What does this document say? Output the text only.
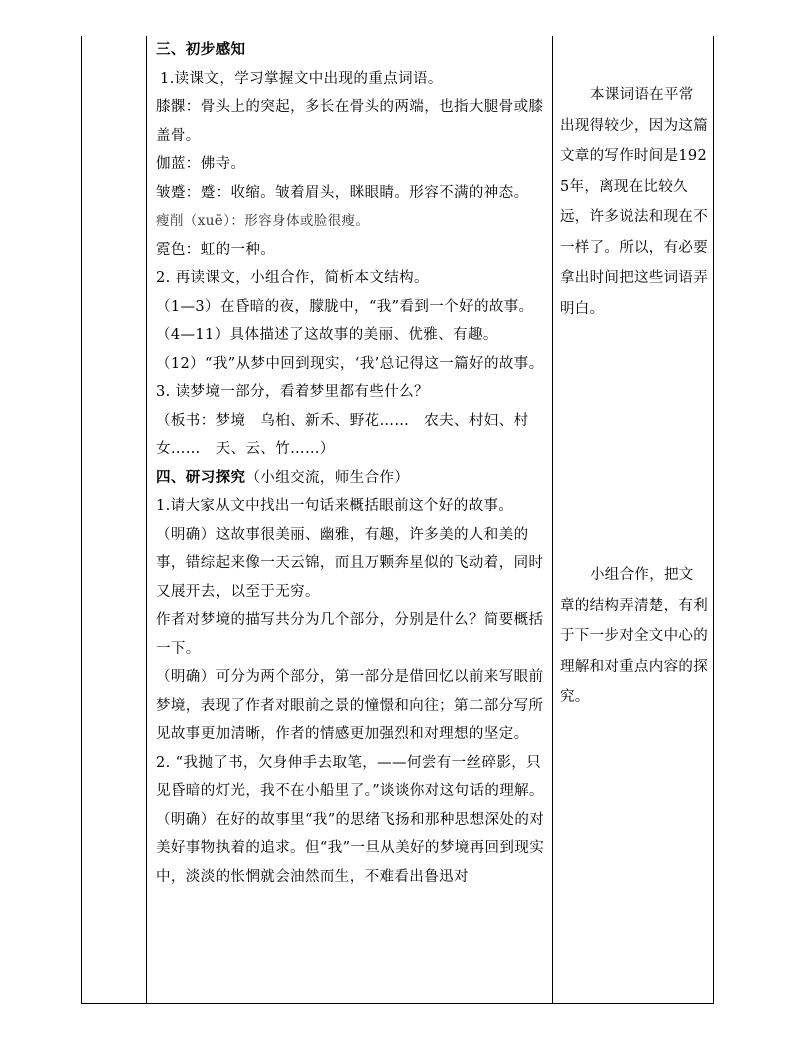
三、初步感知

1.读课文，学习掌握文中出现的重点词语。

膝髁：骨头上的突起，多长在骨头的两端，也指大腿骨或膝盖骨。

伽蓝：佛寺。

皱蹙：蹙：收缩。皱着眉头，眯眼睛。形容不满的神态。

瘦削（xuē）：形容身体或脸很瘦。

霓色：虹的一种。

2. 再读课文，小组合作，简析本文结构。

（1—3）在昏暗的夜，朦胧中，“我”看到一个好的故事。

（4—11）具体描述了这故事的美丽、优雅、有趣。

（12）“我”从梦中回到现实，‘我’总记得这一篇好的故事。

3. 读梦境一部分，看着梦里都有些什么？

（板书：梦境　乌桕、新禾、野花……　农夫、村妇、村女……　天、云、竹……）

四、研习探究（小组交流，师生合作）

1.请大家从文中找出一句话来概括眼前这个好的故事。

（明确）这故事很美丽、幽雅，有趣，许多美的人和美的事，错综起来像一天云锦，而且万颗奔星似的飞动着，同时又展开去，以至于无穷。

作者对梦境的描写共分为几个部分，分别是什么？简要概括一下。

（明确）可分为两个部分，第一部分是借回忆以前来写眼前梦境，表现了作者对眼前之景的憧憬和向往；第二部分写所见故事更加清晰，作者的情感更加强烈和对理想的坚定。

2. “我抛了书，欠身伸手去取笔，——何尝有一丝碎影，只见昏暗的灯光，我不在小船里了。”谈谈你对这句话的理解。

（明确）在好的故事里“我”的思绪飞扬和那种思想深处的对美好事物执着的追求。但“我”一旦从美好的梦境再回到现实中，淡淡的怅惘就会油然而生，不难看出鲁迅对

本课词语在平常出现得较少，因为这篇文章的写作时间是1925年，离现在比较久远，许多说法和现在不一样了。所以，有必要拿出时间把这些词语弄明白。

小组合作，把文章的结构弄清楚，有利于下一步对全文中心的理解和对重点内容的探究。
